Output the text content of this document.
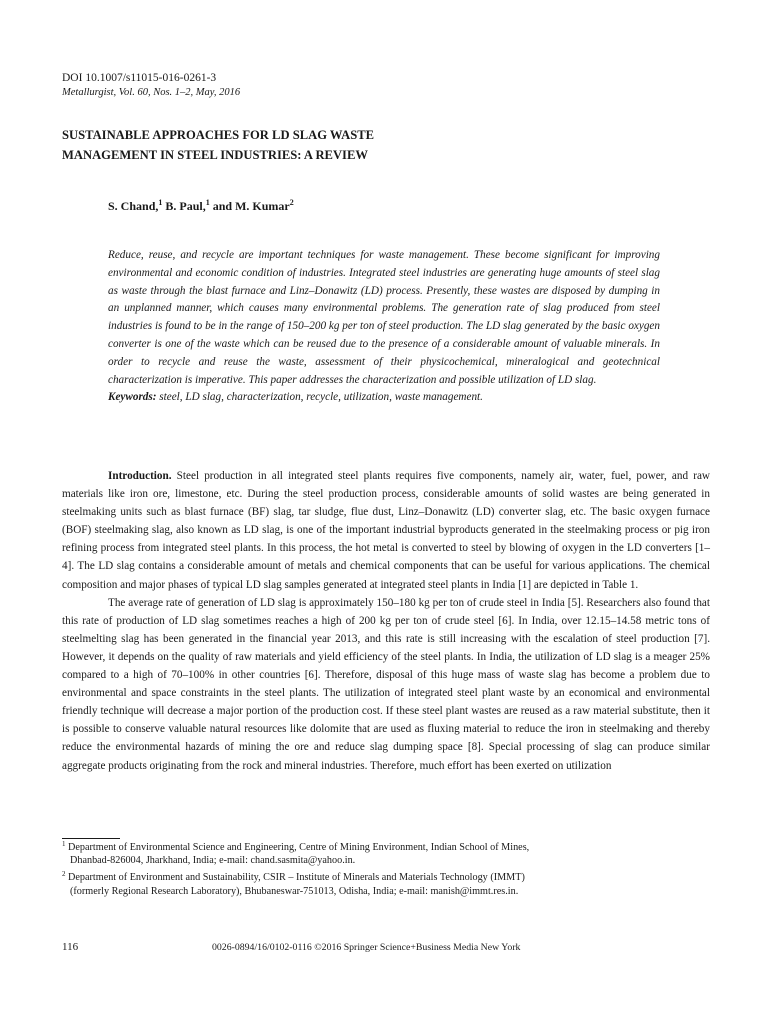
DOI 10.1007/s11015-016-0261-3
Metallurgist, Vol. 60, Nos. 1–2, May, 2016
SUSTAINABLE APPROACHES FOR LD SLAG WASTE
MANAGEMENT IN STEEL INDUSTRIES: A REVIEW
S. Chand,$^1$ B. Paul,$^1$ and M. Kumar$^2$

Reduce, reuse, and recycle are important techniques for waste management. These become significant for improving environmental and economic condition of industries. Integrated steel industries are generating huge amounts of steel slag as waste through the blast furnace and Linz–Donawitz (LD) process. Presently, these wastes are disposed by dumping in an unplanned manner, which causes many environmental problems. The generation rate of slag produced from steel industries is found to be in the range of 150–200 kg per ton of steel production. The LD slag generated by the basic oxygen converter is one of the waste which can be reused due to the presence of a considerable amount of valuable minerals. In order to recycle and reuse the waste, assessment of their physicochemical, mineralogical and geotechnical characterization is imperative. This paper addresses the characterization and possible utilization of LD slag.

Keywords: steel, LD slag, characterization, recycle, utilization, waste management.

Introduction. Steel production in all integrated steel plants requires five components, namely air, water, fuel, power, and raw materials like iron ore, limestone, etc. During the steel production process, considerable amounts of solid wastes are being generated in steelmaking units such as blast furnace (BF) slag, tar sludge, flue dust, Linz–Donawitz (LD) converter slag, etc. The basic oxygen furnace (BOF) steelmaking slag, also known as LD slag, is one of the important industrial byproducts generated in the steelmaking process or pig iron refining process from integrated steel plants. In this process, the hot metal is converted to steel by blowing of oxygen in the LD converters [1–4]. The LD slag contains a considerable amount of metals and chemical components that can be useful for various applications. The chemical composition and major phases of typical LD slag samples generated at integrated steel plants in India [1] are depicted in Table 1.

The average rate of generation of LD slag is approximately 150–180 kg per ton of crude steel in India [5]. Researchers also found that this rate of production of LD slag sometimes reaches a high of 200 kg per ton of crude steel [6]. In India, over 12.15–14.58 metric tons of steelmelting slag has been generated in the financial year 2013, and this rate is still increasing with the escalation of steel production [7]. However, it depends on the quality of raw materials and yield efficiency of the steel plants. In India, the utilization of LD slag is a meager 25% compared to a high of 70–100% in other countries [6]. Therefore, disposal of this huge mass of waste slag has become a problem due to environmental and space constraints in the steel plants. The utilization of integrated steel plant waste by an economical and environmental friendly technique will decrease a major portion of the production cost. If these steel plant wastes are reused as a raw material substitute, then it is possible to conserve valuable natural resources like dolomite that are used as fluxing material to reduce the iron in steelmaking and thereby reduce the environmental hazards of mining the ore and reduce slag dumping space [8]. Special processing of slag can produce similar aggregate products originating from the rock and mineral industries. Therefore, much effort has been exerted on utilization

$^1$ Department of Environmental Science and Engineering, Centre of Mining Environment, Indian School of Mines,
Dhanbad-826004, Jharkhand, India; e-mail: chand.sasmita@yahoo.in.
$^2$ Department of Environment and Sustainability, CSIR – Institute of Minerals and Materials Technology (IMMT)
(formerly Regional Research Laboratory), Bhubaneswar-751013, Odisha, India; e-mail: manish@immt.res.in.
116	0026-0894/16/0102-0116 ©2016 Springer Science+Business Media New York
